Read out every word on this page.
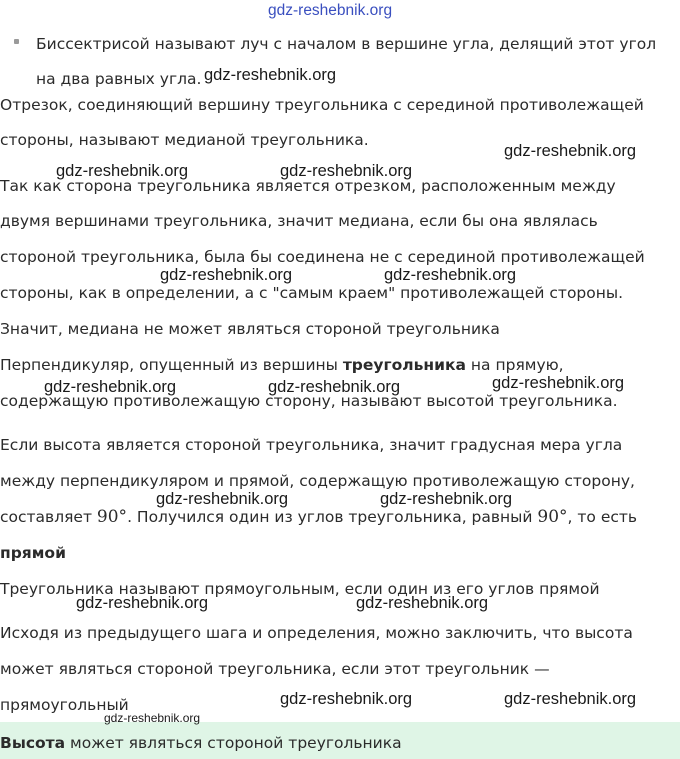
gdz-reshebnik.org
Биссектрисой называют луч с началом в вершине угла, делящий этот угол
на два равных угла.
Отрезок, соединяющий вершину треугольника с серединой противолежащей
стороны, называют медианой треугольника.
Так как сторона треугольника является отрезком, расположенным между
двумя вершинами треугольника, значит медиана, если бы она являлась
стороной треугольника, была бы соединена не с серединой противолежащей
стороны, как в определении, а с "самым краем" противолежащей стороны.
Значит, медиана не может являться стороной треугольника
Перпендикуляр, опущенный из вершины треугольника на прямую,
содержащую противолежащую сторону, называют высотой треугольника.
Если высота является стороной треугольника, значит градусная мера угла
между перпендикуляром и прямой, содержащую противолежащую сторону,
составляет 90°. Получился один из углов треугольника, равный 90°, то есть
прямой
Треугольника называют прямоугольным, если один из его углов прямой
Исходя из предыдущего шага и определения, можно заключить, что высота
может являться стороной треугольника, если этот треугольник —
прямоугольный
Высота может являться стороной треугольника
gdz-reshebnik.org
gdz-reshebnik.org	gdz-reshebnik.org
gdz-reshebnik.org
gdz-reshebnik.org	gdz-reshebnik.org
gdz-reshebnik.org	gdz-reshebnik.org	gdz-reshebnik.org
gdz-reshebnik.org	gdz-reshebnik.org
gdz-reshebnik.org	gdz-reshebnik.org
gdz-reshebnik.org	gdz-reshebnik.org
gdz-reshebnik.org
